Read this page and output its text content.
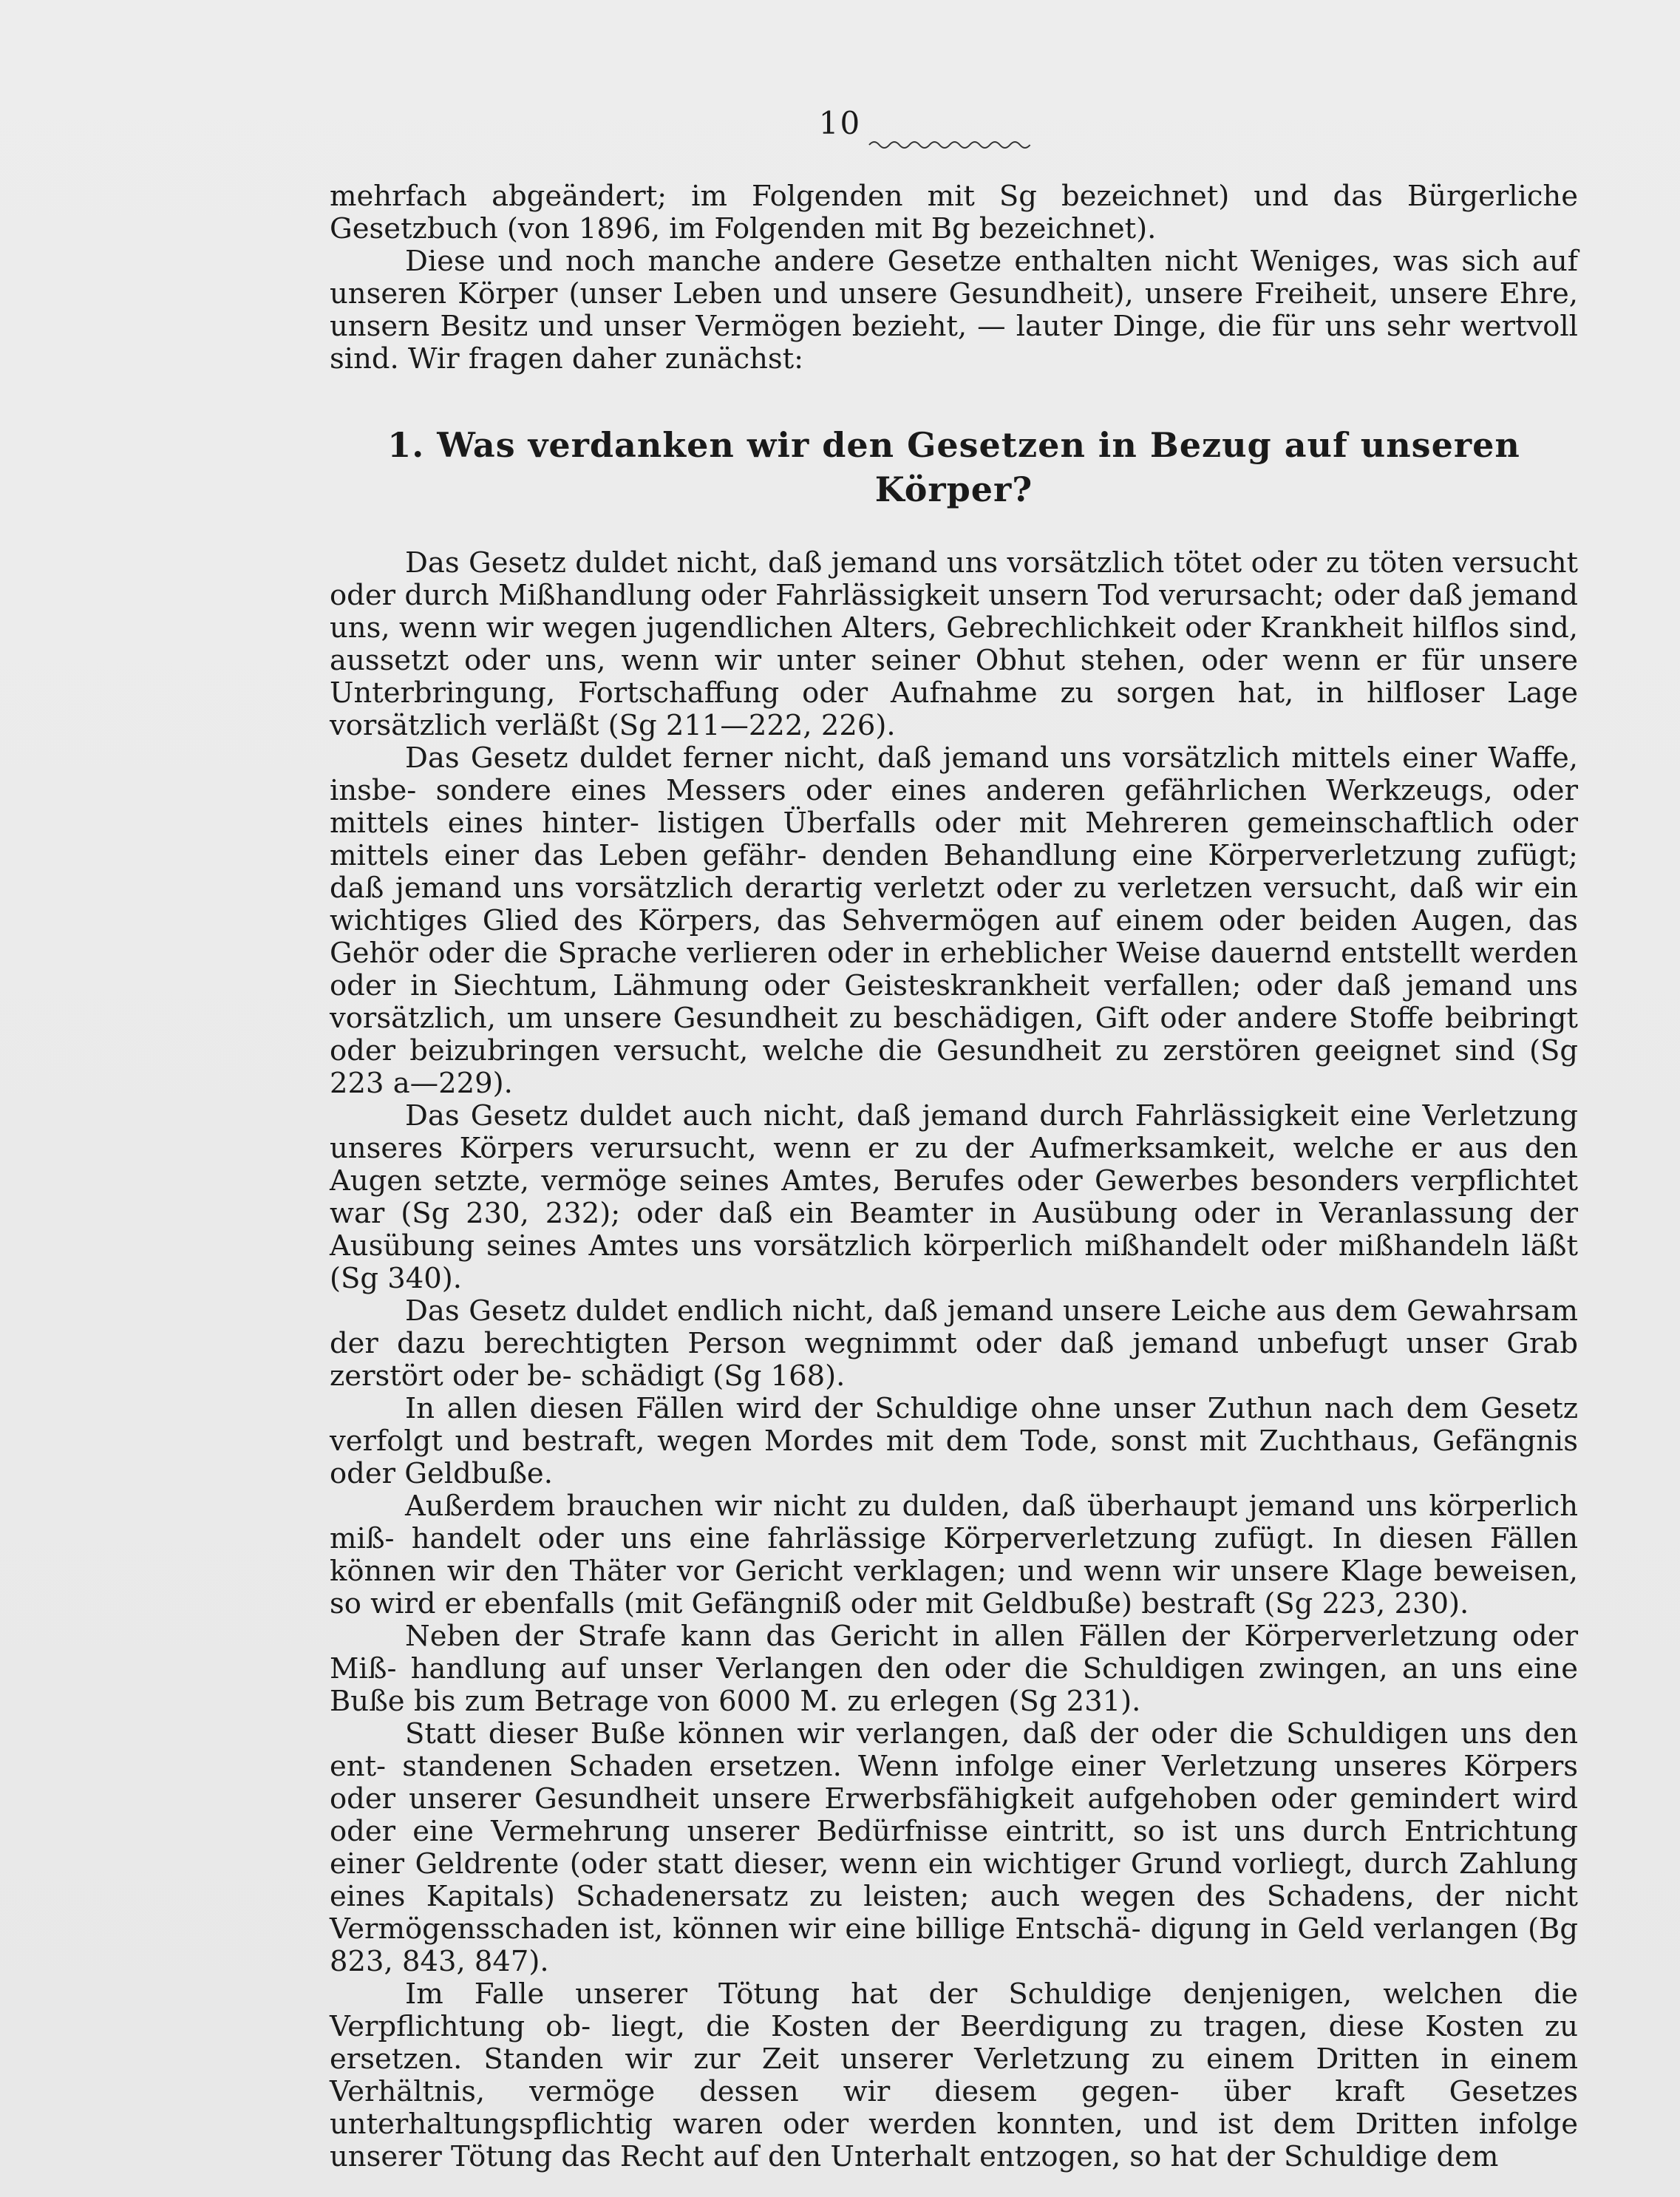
10

mehrfach abgeändert; im Folgenden mit Sg bezeichnet) und das Bürgerliche Gesetzbuch (von 1896, im Folgenden mit Bg bezeichnet).

Diese und noch manche andere Gesetze enthalten nicht Weniges, was sich auf unseren Körper (unser Leben und unsere Gesundheit), unsere Freiheit, unsere Ehre, unsern Besitz und unser Vermögen bezieht, — lauter Dinge, die für uns sehr wertvoll sind. Wir fragen daher zunächst:

1. Was verdanken wir den Gesetzen in Bezug auf unseren Körper?

Das Gesetz duldet nicht, daß jemand uns vorsätzlich tötet oder zu töten versucht oder durch Mißhandlung oder Fahrlässigkeit unsern Tod verursacht; oder daß jemand uns, wenn wir wegen jugendlichen Alters, Gebrechlichkeit oder Krankheit hilflos sind, aussetzt oder uns, wenn wir unter seiner Obhut stehen, oder wenn er für unsere Unterbringung, Fortschaffung oder Aufnahme zu sorgen hat, in hilfloser Lage vorsätzlich verläßt (Sg 211—222, 226).

Das Gesetz duldet ferner nicht, daß jemand uns vorsätzlich mittels einer Waffe, insbe- sondere eines Messers oder eines anderen gefährlichen Werkzeugs, oder mittels eines hinter- listigen Überfalls oder mit Mehreren gemeinschaftlich oder mittels einer das Leben gefähr- denden Behandlung eine Körperverletzung zufügt; daß jemand uns vorsätzlich derartig verletzt oder zu verletzen versucht, daß wir ein wichtiges Glied des Körpers, das Sehvermögen auf einem oder beiden Augen, das Gehör oder die Sprache verlieren oder in erheblicher Weise dauernd entstellt werden oder in Siechtum, Lähmung oder Geisteskrankheit verfallen; oder daß jemand uns vorsätzlich, um unsere Gesundheit zu beschädigen, Gift oder andere Stoffe beibringt oder beizubringen versucht, welche die Gesundheit zu zerstören geeignet sind (Sg 223 a—229).

Das Gesetz duldet auch nicht, daß jemand durch Fahrlässigkeit eine Verletzung unseres Körpers verursucht, wenn er zu der Aufmerksamkeit, welche er aus den Augen setzte, vermöge seines Amtes, Berufes oder Gewerbes besonders verpflichtet war (Sg 230, 232); oder daß ein Beamter in Ausübung oder in Veranlassung der Ausübung seines Amtes uns vorsätzlich körperlich mißhandelt oder mißhandeln läßt (Sg 340).

Das Gesetz duldet endlich nicht, daß jemand unsere Leiche aus dem Gewahrsam der dazu berechtigten Person wegnimmt oder daß jemand unbefugt unser Grab zerstört oder be- schädigt (Sg 168).

In allen diesen Fällen wird der Schuldige ohne unser Zuthun nach dem Gesetz verfolgt und bestraft, wegen Mordes mit dem Tode, sonst mit Zuchthaus, Gefängnis oder Geldbuße.

Außerdem brauchen wir nicht zu dulden, daß überhaupt jemand uns körperlich miß- handelt oder uns eine fahrlässige Körperverletzung zufügt. In diesen Fällen können wir den Thäter vor Gericht verklagen; und wenn wir unsere Klage beweisen, so wird er ebenfalls (mit Gefängniß oder mit Geldbuße) bestraft (Sg 223, 230).

Neben der Strafe kann das Gericht in allen Fällen der Körperverletzung oder Miß- handlung auf unser Verlangen den oder die Schuldigen zwingen, an uns eine Buße bis zum Betrage von 6000 M. zu erlegen (Sg 231).

Statt dieser Buße können wir verlangen, daß der oder die Schuldigen uns den ent- standenen Schaden ersetzen. Wenn infolge einer Verletzung unseres Körpers oder unserer Gesundheit unsere Erwerbsfähigkeit aufgehoben oder gemindert wird oder eine Vermehrung unserer Bedürfnisse eintritt, so ist uns durch Entrichtung einer Geldrente (oder statt dieser, wenn ein wichtiger Grund vorliegt, durch Zahlung eines Kapitals) Schadenersatz zu leisten; auch wegen des Schadens, der nicht Vermögensschaden ist, können wir eine billige Entschä- digung in Geld verlangen (Bg 823, 843, 847).

Im Falle unserer Tötung hat der Schuldige denjenigen, welchen die Verpflichtung ob- liegt, die Kosten der Beerdigung zu tragen, diese Kosten zu ersetzen. Standen wir zur Zeit unserer Verletzung zu einem Dritten in einem Verhältnis, vermöge dessen wir diesem gegen- über kraft Gesetzes unterhaltungspflichtig waren oder werden konnten, und ist dem Dritten infolge unserer Tötung das Recht auf den Unterhalt entzogen, so hat der Schuldige dem
